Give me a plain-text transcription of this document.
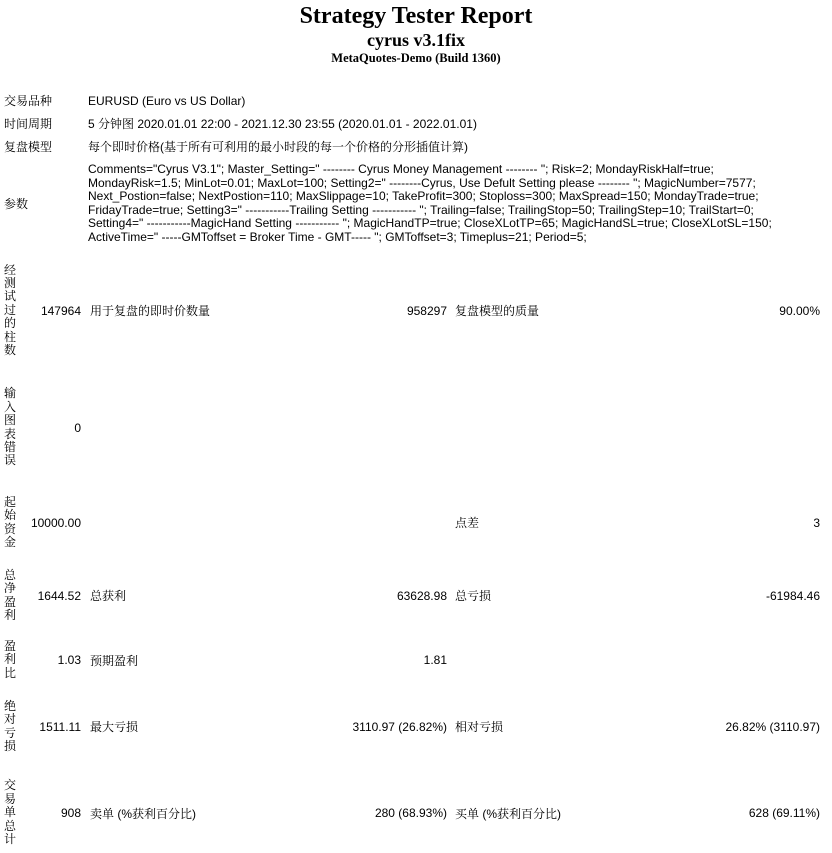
Strategy Tester Report
cyrus v3.1fix
MetaQuotes-Demo (Build 1360)
交易品种	EURUSD (Euro vs US Dollar)
时间周期	5 分钟图 2020.01.01 22:00 - 2021.12.30 23:55 (2020.01.01 - 2022.01.01)
复盘模型	每个即时价格(基于所有可利用的最小时段的每一个价格的分形插值计算)
参数
Comments="Cyrus V3.1"; Master_Setting=" -------- Cyrus Money Management -------- "; Risk=2; MondayRiskHalf=true;
MondayRisk=1.5; MinLot=0.01; MaxLot=100; Setting2=" --------Cyrus, Use Defult Setting please -------- "; MagicNumber=7577;
Next_Postion=false; NextPostion=110; MaxSlippage=10; TakeProfit=300; Stoploss=300; MaxSpread=150; MondayTrade=true;
FridayTrade=true; Setting3=" -----------Trailing Setting ----------- "; Trailing=false; TrailingStop=50; TrailingStep=10; TrailStart=0;
Setting4=" -----------MagicHand Setting ----------- "; MagicHandTP=true; CloseXLotTP=65; MagicHandSL=true; CloseXLotSL=150;
ActiveTime=" -----GMToffset = Broker Time - GMT----- "; GMToffset=3; Timeplus=21; Period=5;
经测试过的柱数
147964 用于复盘的即时价数量	958297 复盘模型的质量	90.00%
输入图表错误
0
起始资金
10000.00	点差	3
总净盈利
1644.52 总获利	63628.98 总亏损	-61984.46
盈利比
1.03 预期盈利	1.81
绝对亏损
1511.11 最大亏损	3110.97 (26.82%) 相对亏损	26.82% (3110.97)
交易单总计
908 卖单 (%获利百分比)	280 (68.93%) 买单 (%获利百分比)	628 (69.11%)
